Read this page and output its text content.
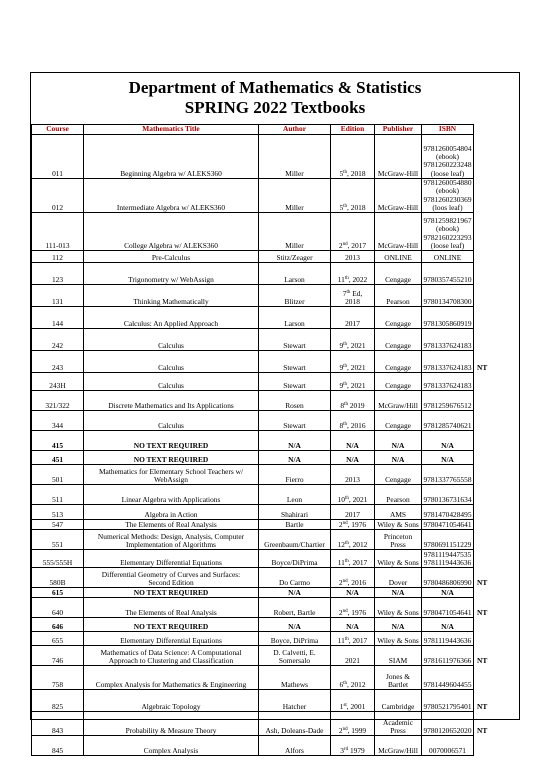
Department of Mathematics & Statistics
SPRING 2022 Textbooks
Course	Mathematics Title	Author	Edition	Publisher	ISBN	
011	Beginning Algebra w/ ALEKS360	Miller	5th, 2018	McGraw-Hill	9781260054804
(ebook)
9781260223248
(loose leaf)	
012	Intermediate Algebra w/ ALEKS360	Miller	5th, 2018	McGraw-Hill	9781260054880
(ebook)
9781260230369
(loos leaf)	
111-013	College Algebra w/ ALEKS360	Miller	2nd, 2017	McGraw-Hill	9781259821967
(ebook)
9782160223293
(loose leaf)	
112	Pre-Calculus	Stitz/Zeager	2013	ONLINE	ONLINE	
123	Trigonometry w/ WebAssign	Larson	11th, 2022	Cengage	9780357455210	
131	Thinking Mathematically	Blitzer	7th Ed,
2018	Pearson	9780134708300	
144	Calculus: An Applied Approach	Larson	2017	Cengage	9781305860919	
242	Calculus	Stewart	9th, 2021	Cengage	9781337624183	
243	Calculus	Stewart	9th, 2021	Cengage	9781337624183	NT
243H	Calculus	Stewart	9th, 2021	Cengage	9781337624183	
321/322	Discrete Mathematics and Its Applications	Rosen	8th 2019	McGraw/Hill	9781259676512	
344	Calculus	Stewart	8th, 2016	Cengage	9781285740621	
415	NO TEXT REQUIRED	N/A	N/A	N/A	N/A	
451	NO TEXT REQUIRED	N/A	N/A	N/A	N/A	
501	Mathematics for Elementary School Teachers w/
WebAssign	Fierro	2013	Cengage	9781337765558

511	Linear Algebra with Applications	Leon	10th, 2021	Pearson	9780136731634	
513	Algebra in Action	Shahirari	2017	AMS	9781470428495	
547	The Elements of Real Analysis	Bartle	2nd, 1976	Wiley & Sons	9780471054641	
551	Numerical Methods: Design, Analysis, Computer
Implementation of Algorithms	Greenbaum/Chartier	12th, 2012	Princeton
Press	9780691151229	
555/555H	Elementary Differential Equations	Boyce/DiPrima	11th, 2017	Wiley & Sons	9781119447535
9781119443636	
580B	Differential Geometry of Curves and Surfaces:
Second Edition	Do Carmo	2nd, 2016	Dover	9780486806990	NT
615	NO TEXT REQUIRED	N/A	N/A	N/A	N/A	
640	The Elements of Real Analysis	Robert, Bartle	2nd, 1976	Wiley & Sons	9780471054641	NT
646	NO TEXT REQUIRED	N/A	N/A	N/A	N/A	
655	Elementary Differential Equations	Boyce, DiPrima	11th, 2017	Wiley & Sons	9781119443636	
746	Mathematics of Data Science: A Computational
Approach to Clustering and Classification	D. Calvetti, E.
Somersalo	2021	SIAM	9781611976366	NT
758	Complex Analysis for Mathematics & Engineering	Mathews	6th, 2012	Jones &
Bartlet	9781449604455	
825	Algebraic Topology	Hatcher	1st, 2001	Cambridge	9780521795401	NT
843	Probability & Measure Theory	Ash, Doleans-Dade	2nd, 1999	Academic
Press	9780120652020	NT
845	Complex Analysis	Alfors	3rd 1979	McGraw/Hill	0070006571	
